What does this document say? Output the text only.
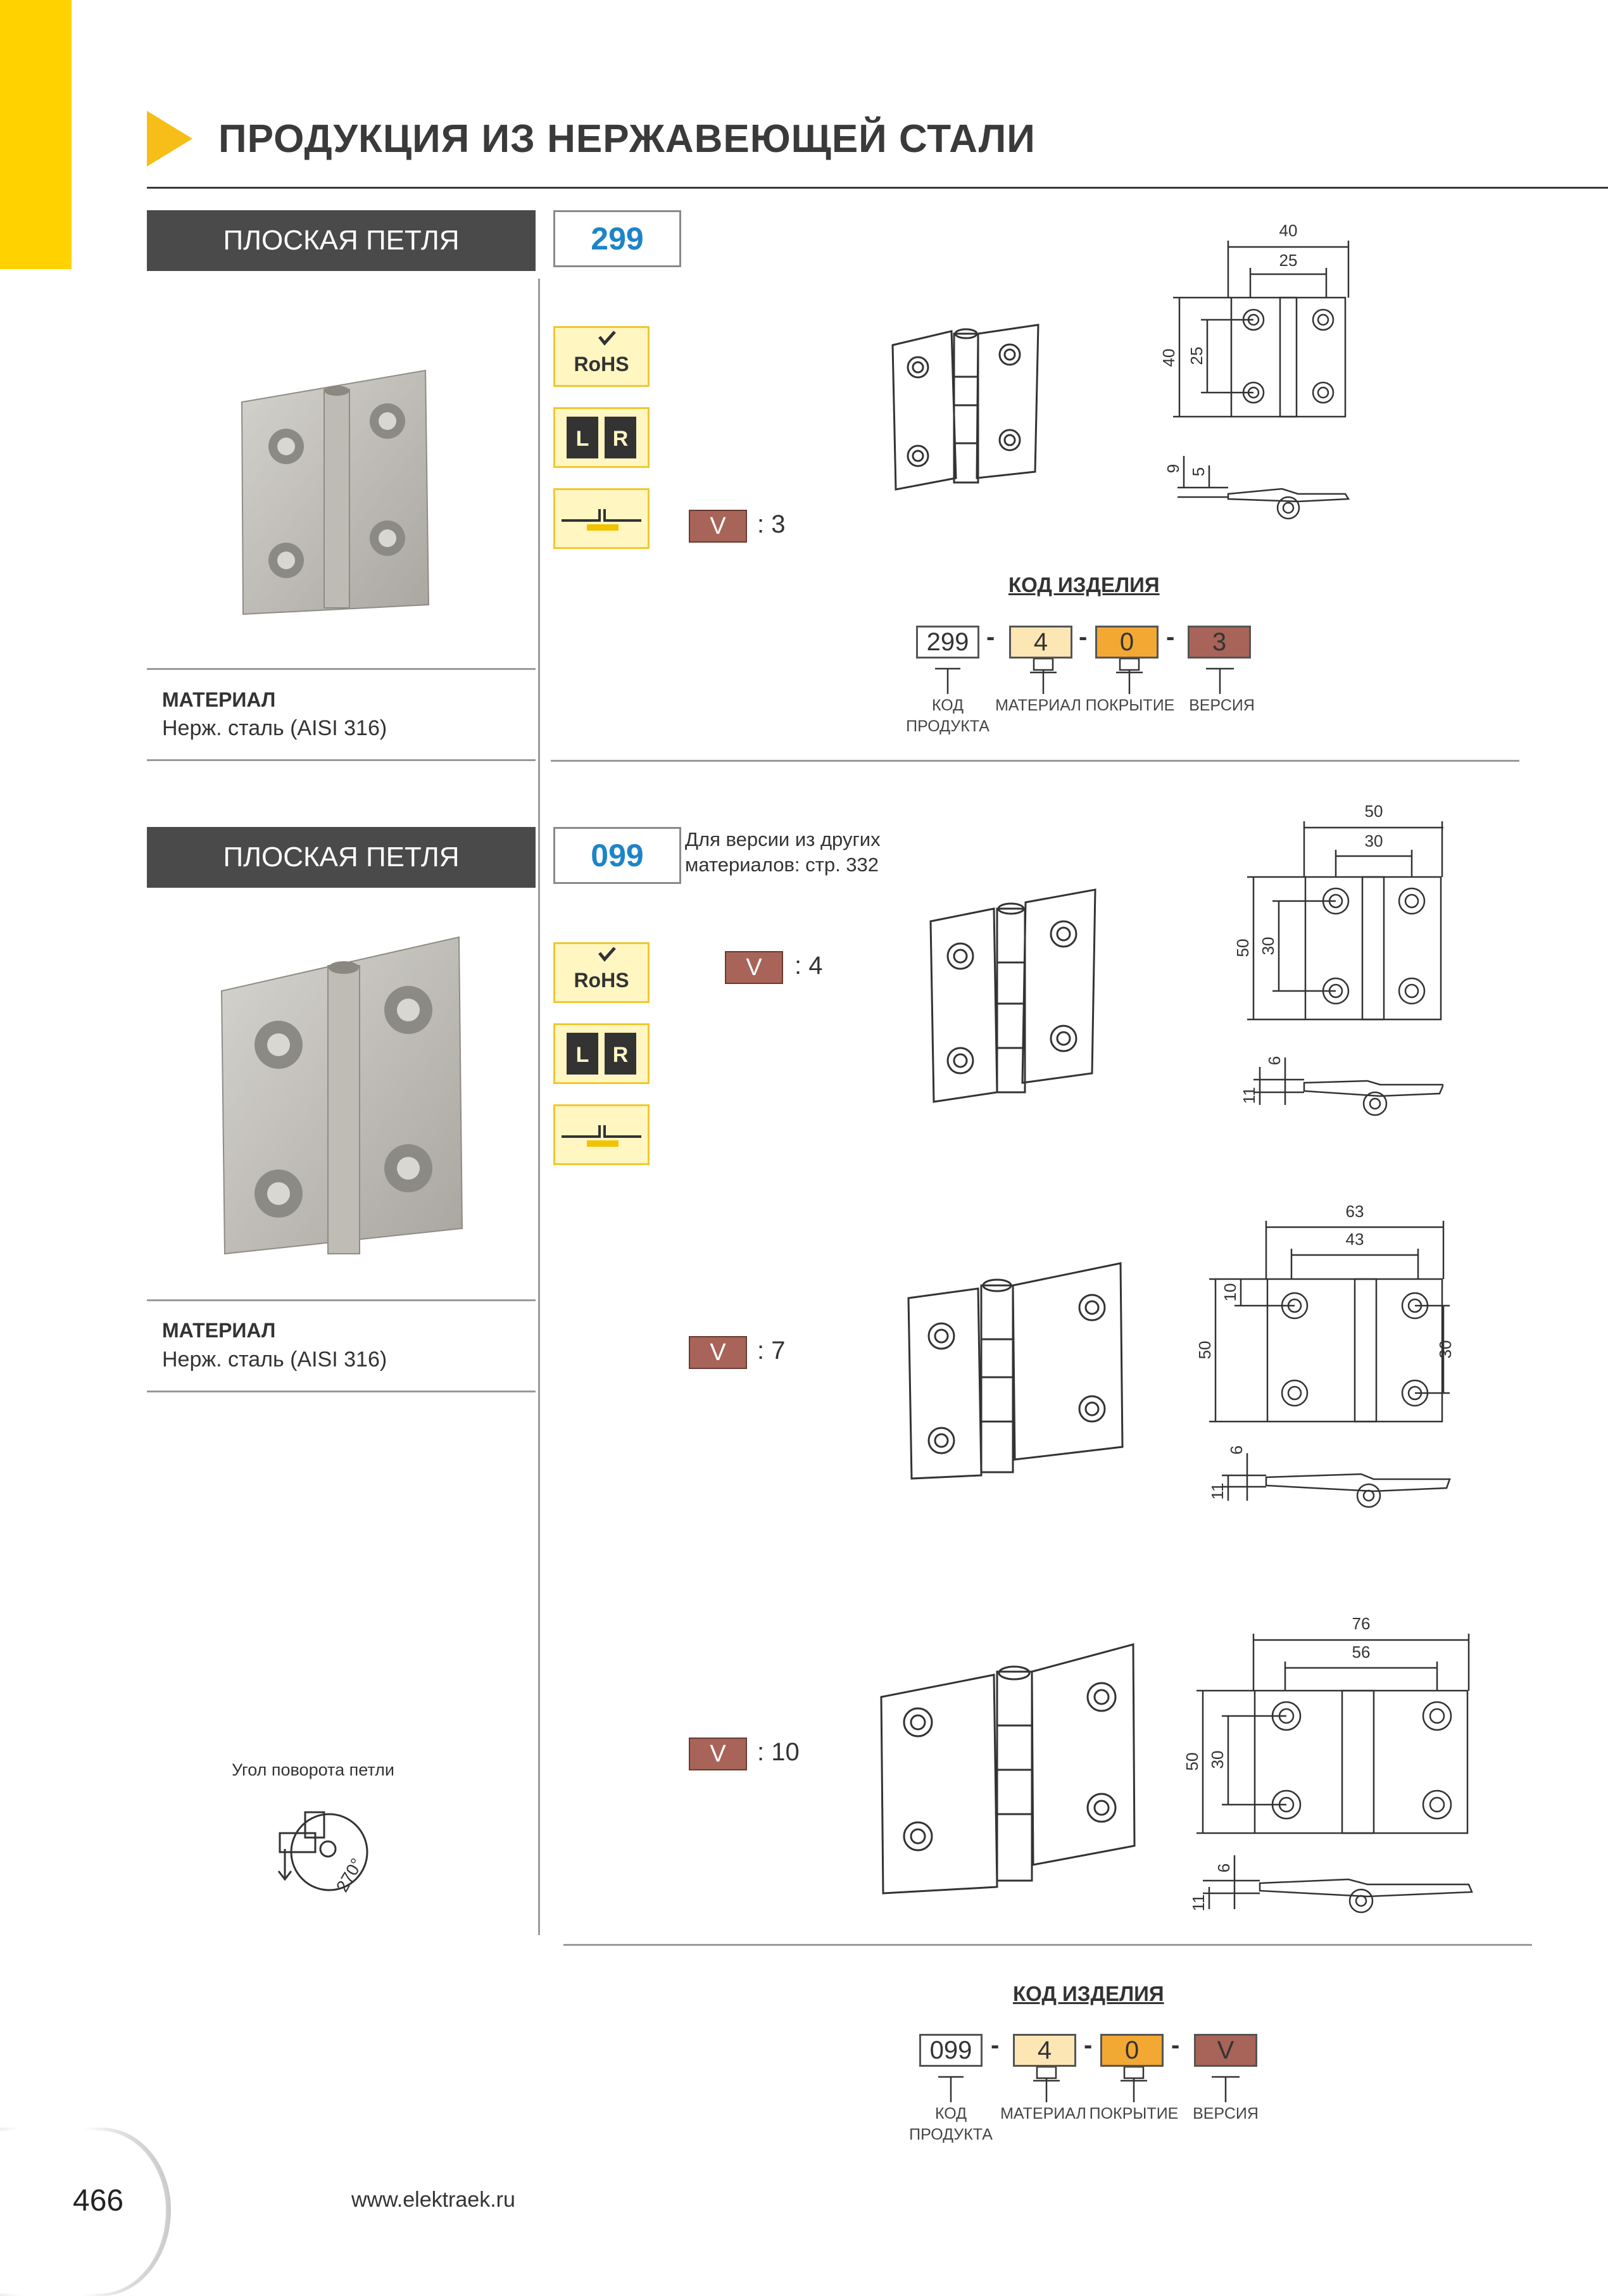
ПРОДУКЦИЯ ИЗ НЕРЖАВЕЮЩЕЙ СТАЛИ
ПЛОСКАЯ ПЕТЛЯ	299
МАТЕРИАЛ
Нерж. сталь (AISI 316)
RoHS
L R
V	: 3
40
25
40 25
9 5
КОД ИЗДЕЛИЯ
299 -	4	-	0	-	3
КОД
ПРОДУКТА
МАТЕРИАЛ ПОКРЫТИЕ ВЕРСИЯ
ПЛОСКАЯ ПЕТЛЯ	099	Для версии из других
материалов: стр. 332
МАТЕРИАЛ
Нерж. сталь (AISI 316)
RoHS
L R
V	: 4
V	: 7
V	: 10
50
30
50 30
6
11
63
43
50
10
30
6
11
76
56
50 30
6
11
Угол поворота петли
270°
КОД ИЗДЕЛИЯ
099 -	4	-	0	-	V
КОД
ПРОДУКТА
МАТЕРИАЛ ПОКРЫТИЕ ВЕРСИЯ
466	www.elektraek.ru
